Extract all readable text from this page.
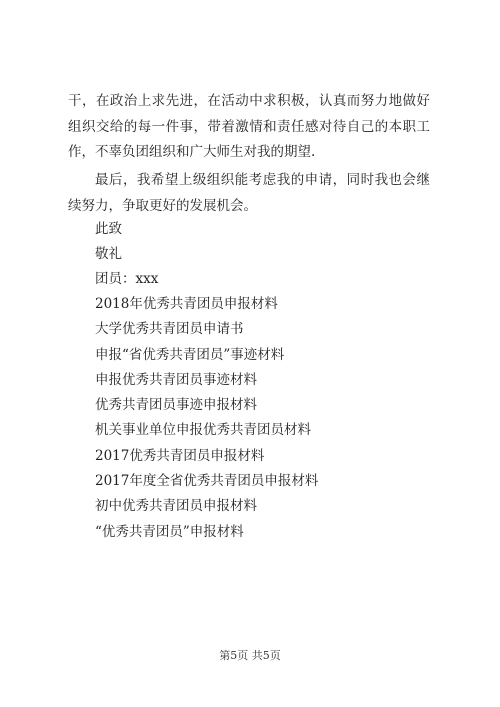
干，在政治上求先进，在活动中求积极，认真而努力地做好组织交给的每一件事，带着激情和责任感对待自己的本职工作，不辜负团组织和广大师生对我的期望.

最后，我希望上级组织能考虑我的申请，同时我也会继续努力，争取更好的发展机会。

此致

敬礼

团员：xxx

2018年优秀共青团员申报材料
大学优秀共青团员申请书
申报“省优秀共青团员”事迹材料
申报优秀共青团员事迹材料
优秀共青团员事迹申报材料
机关事业单位申报优秀共青团员材料
2017优秀共青团员申报材料
2017年度全省优秀共青团员申报材料
初中优秀共青团员申报材料
“优秀共青团员”申报材料
第5页 共5页
